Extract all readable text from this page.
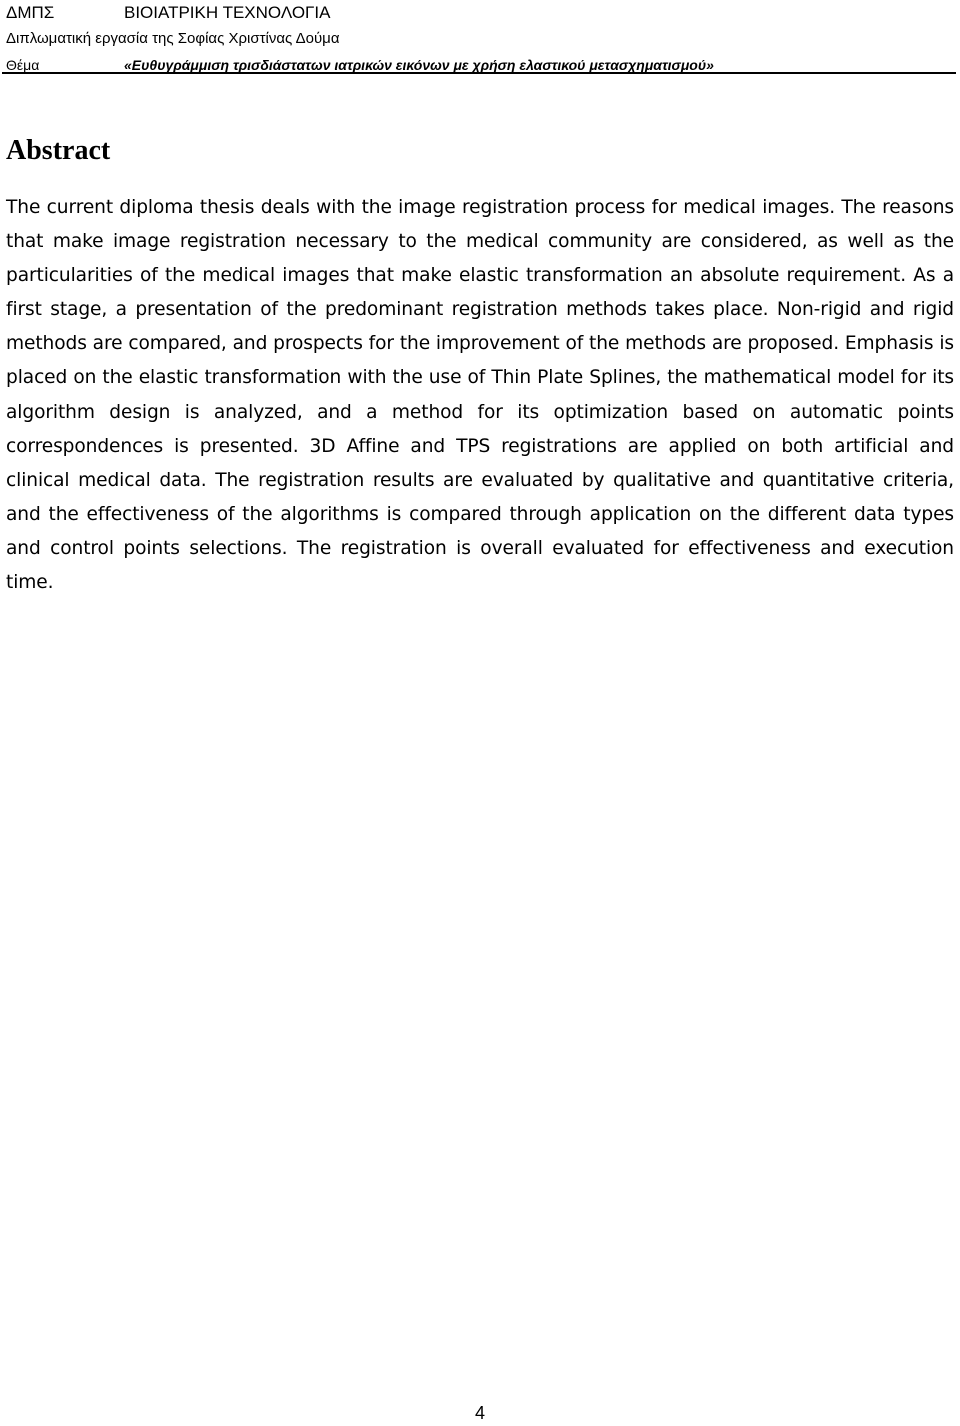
ΔΜΠΣ	ΒΙΟΙΑΤΡΙΚΗ ΤΕΧΝΟΛΟΓΙΑ
Διπλωματική εργασία της Σοφίας Χριστίνας Δούμα
Θέμα	«Ευθυγράμμιση τρισδιάστατων ιατρικών εικόνων με χρήση ελαστικού μετασχηματισμού»
Abstract

The current diploma thesis deals with the image registration process for medical images. The reasons that make image registration necessary to the medical community are considered, as well as the particularities of the medical images that make elastic transformation an absolute requirement. As a first stage, a presentation of the predominant registration methods takes place. Non-rigid and rigid methods are compared, and prospects for the improvement of the methods are proposed. Emphasis is placed on the elastic transformation with the use of Thin Plate Splines, the mathematical model for its algorithm design is analyzed, and a method for its optimization based on automatic points correspondences is presented. 3D Affine and TPS registrations are applied on both artificial and clinical medical data. The registration results are evaluated by qualitative and quantitative criteria, and the effectiveness of the algorithms is compared through application on the different data types and control points selections. The registration is overall evaluated for effectiveness and execution time.

4
